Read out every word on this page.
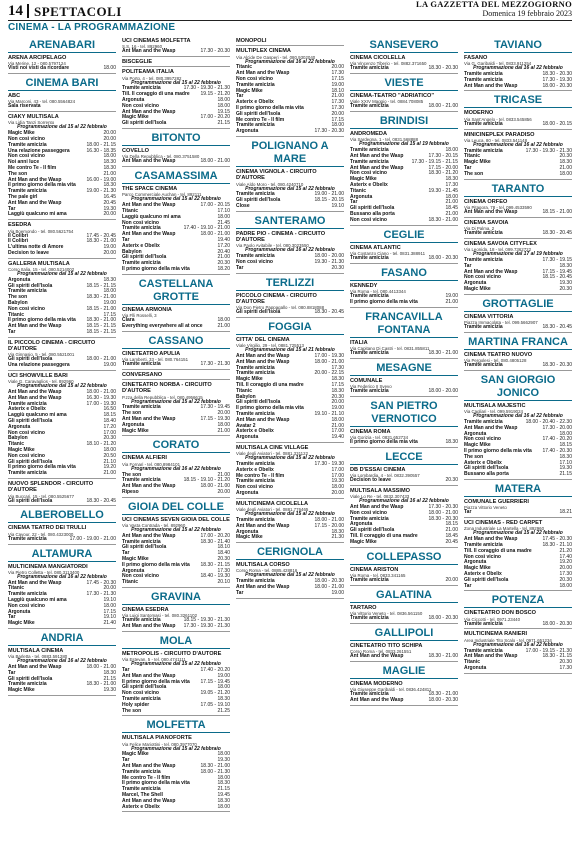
14 SPETTACOLI	LA GAZZETTA DEL MEZZOGIORNO
Domenica 19 febbraio 2023
CINEMA - LA PROGRAMMAZIONE
ARENABARI
ARENA ARCIPELAGO
Via Merine, 12 - 080.5797124
Visti noi visti da ricordare	18.00
CINEMA BARI
ABC
Via Marconi, 43 - tel. 080.5564824
Sala riservata
CIAKY MULTISALA
Via Lidia Tanzi Sorrento
Programmazione dal 15 al 22 febbraio
Magic Mike	20.00
Non così vicino	20.00
Tramite amicizia	18.00 - 21.15
Una relazione passeggera	16.30 - 18.35
Non così vicino	18.00
Noi anni luce	18.30
Me contro Te - Il film	18.30
The son	21.00
Ant Man and the Wasp	16.00 - 19.00
Il primo giorno della mia vita	18.30
Tramite amicizia	19.00 - 21.30
The pale girl	16.45
Ant Man and the Wasp	20.45
Tar	19.30
Laggiù qualcuno mi ama	20.00
ESEDRA
Via Boemondo - tel. 080.5621754
Il Colibrì	17.45 - 20.45
Il Colibrì	18.30 - 21.00
L'ultima notte di Amore	19.00
Decision to leave	20.00
GALLERIA MULTISALA
Corso Italia, 15 - tel. 080.5214002
Programmazione dal 15 al 22 febbraio
Argonuta	18.30
Gli spiriti dell'Isola	18.15 - 21.15
Tramite amicizia	18.00
The son	18.30 - 21.00
Babylon	19.00
Non così vicino	18.15 - 21.00
Titanic	17.15
Il primo giorno della mia vita 18.30 - 21.00
Ant Man and the Wasp	18.15 - 21.15
Tar	18.15 - 21.15
IL PICCOLO CINEMA - CIRCUITO D'AUTORE
Via Ginnasio, 5 - tel. 080.5521001
Gli spiriti dell'Isola	18.00 - 21.00
Una relazione passeggera	19.00
UCI SHOWVILLE BARI
Viale G. Caravaglios - tel. 892960
Programmazione dal 15 al 22 febbraio
Ant Man and the Wasp	18.00 - 21.00
Ant Man and the Wasp	16.30 - 19.30
Tramite amicizia	17.00 - 19.30
Asterix e Obelix	16.50
Laggiù qualcuno mi ama	18.15
Gli spiriti dell'Isola	18.40
Argonuta	17.20
Non così vicino	17.00
Babylon	20.30
Titanic	18.10 - 21.20
Magic Mike	18.00
Non così vicino	20.50
Gli spiriti dell'Isola	21.10
Il primo giorno della mia vita	19.20
Tramite amicizia	21.00
NUOVO SPLENDOR - CIRCUITO D'AUTORE
Via Buccari, 15 - tel. 080.5525677
Gli spiriti dell'Isola	18.30 - 20.45
ALBEROBELLO
CINEMA TEATRO DEI TRULLI
Via Cavour, 22 - tel. 080.4323000
Tramite amicizia	17.00 - 19.00 - 21.00
ALTAMURA
MULTICINEMA MANGIATORDI
Via Pietro Colletta - tel. 080.3113400
Programmazione dal 16 al 22 febbraio
Ant Man and the Wasp	17.45 - 20.30
Titanic	20.00
Tramite amicizia	17.30 - 21.30
Laggiù qualcuno mi ama	19.10
Non così vicino	18.00
Argonuta	17.15
Tar	19.10
Magic Mike	21.40
ANDRIA
MULTISALA CINEMA
Via Barletta - tel. 0883.591280
Programmazione dal 16 al 22 febbraio
Ant Man and the Wasp	18.00 - 21.00
Tar	18.30
Gli spiriti dell'Isola	21.15
Tramite amicizia	18.30 - 21.00
Magic Mike	19.30
UCI CINEMAS MOLFETTA
S.S. 16 - tel. 892960
Ant Man and the Wasp	17.30 - 20.30
BISCEGLIE
POLITEAMA ITALIA
Via Porto, 4 - tel. 080.3957282
Programmazione dal 15 al 22 febbraio
Tramite amicizia	17.30 - 19.30 - 21.30
Till. Il coraggio di una madre 19.15 - 21.20
Argonuta	18.00
Non così vicino	18.00
Ant Man and the Wasp	19.15
Magic Mike	17.00 - 20.20
Gli spiriti dell'Isola	21.15
BITONTO
COVELLO
Via Della Repubblica - tel. 080.3751580
Ant Man and the Wasp	18.00 - 21.00
CASAMASSIMA
THE SPACE CINEMA
Parco Commerciale Auchan - tel. 892111
Programmazione dal 15 al 22 febbraio
Ant Man and the Wasp	17.00 - 20.15
Titanic	17.10
Laggiù qualcuno mi ama	18.00
Non così vicino	21.45
Tramite amicizia	17.40 - 19.10 - 21.00
Ant Man and the Wasp	18.00 - 21.00
Tar	19.40
Asterix e Obelix	17.20
Babylon	20.40
Gli spiriti dell'Isola	21.00
Tramite amicizia	20.30
Il primo giorno della mia vita	18.20
CASTELLANA GROTTE
CINEMA ARMONIA
Via Flli Rosselli, 3
Clara	18.00
Everything everywhere all at once	21.00
CASSANO
CINETEATRO APULIA
Via Lamberti, 33 - tel. 080.764151
Tramite amicizia	17.30 - 21.30
CONVERSANO
CINETEATRO NORBA - CIRCUITO D'AUTORE
P.zza della Repubblica - tel. 080.4956615
Programmazione dal 15 al 22 febbraio
Tramite amicizia	17.30 - 19.45
The son	20.00
Ant Man and the Wasp	17.15 - 19.30
Argonuta	18.00
Magic Mike	21.00
CORATO
CINEMA ALFIERI
Via Fornari - tel. 080.8984101
Programmazione dal 16 al 22 febbraio
The son	21.00
Tramite amicizia	18.15 - 19.10 - 21.20
Ant Man and the Wasp	18.00 - 21.00
Ripeso	20.00
GIOIA DEL COLLE
UCI CINEMAS SEVEN GIOIA DEL COLLE
Via Vasta Contrada - tel. 892960
Programmazione dal 15 al 22 febbraio
Ant Man and the Wasp	17.00 - 20.20
Tramite amicizia	18.30 - 21.40
Gli spiriti dell'Isola	18.10
Tar	18.40
Magic Mike	20.30
Il primo giorno della mia vita 18.30 - 21.15
Argonuta	17.30
Non così vicino	18.40 - 19.30
Titanic	20.10
GRAVINA
CINEMA ESEDRA
Via Luigi Santomasi - tel. 080.3261102
Tramite amicizia	18.15 - 19.30 - 21.30
Ant Man and the Wasp 17.30 - 19.30 - 21.30
MOLA
METROPOLIS - CIRCUITO D'AUTORE
Via Estevan, 5 - tel. 080.4741111
Programmazione dal 15 al 22 febbraio
Tar	17.40 - 20.20
Ant Man and the Wasp	19.00
Il primo giorno della mia vita 17.15 - 19.45
Gli spiriti dell'Isola	18.00
Non così vicino	19.05 - 21.20
Tramite amicizia	18.30
Holy spider	17.05 - 19.10
The son	21.25
MOLFETTA
MULTISALA PIANOFORTE
Via Felice Mariottini - tel. 080.3977070
Programmazione dal 15 al 22 febbraio
Magic Mike	18.00
Tar	19.30
Ant Man and the Wasp	18.30 - 21.00
Tramite amicizia	18.00 - 21.30
Me contro Te - Il film	18.00
Il primo giorno della mia vita	18.30
Tramite amicizia	21.15
Marcel, The Shell	19.45
Ant Man and the Wasp	18.30
Asterix e Obelix	18.00
MONOPOLI
MULTIPLEX CINEMA
Via Alcide De Gasperi - tel. 080.9302040
Programmazione dal 16 al 22 febbraio
Titanic	20.00
Ant Man and the Wasp	17.30
Non così vicino	17.15
Tramite amicizia	19.00
Magic Mike	18.10
Tar	21.00
Asterix e Obelix	17.30
Il primo giorno della mia vita	17.30
Gli spiriti dell'Isola	20.00
Me contro Te - Il film	17.15
Tramite amicizia	18.00
Argonuta	17.30 - 20.30
POLIGNANO A MARE
CINEMA VIGNOLA - CIRCUITO D'AUTORE
Viale Aldo Moro - tel. 080.4240710
Programmazione dal 15 al 22 febbraio
Tramite amicizia	19.00 - 21.00
Gli spiriti dell'Isola	18.15 - 20.15
Close	19.10
SANTERAMO
PADRE PIO - CINEMA - CIRCUITO D'AUTORE
Via Paolo Avitabile - tel. 080.3023550
Programmazione dal 16 al 22 febbraio
Tramite amicizia	18.00 - 20.00
Non così vicino	19.30 - 21.30
Tar	20.30
TERLIZZI
PICCOLO CINEMA - CIRCUITO D'AUTORE
Via Don Pietro Pappagallo - tel. 080.8818088
Gli spiriti dell'Isola	18.30 - 20.45
FOGGIA
CITTA' DEL CINEMA
Viale Virgilio, 29 - tel. 0881.725513
Programmazione dal 15 al 21 febbraio
Ant Man and the Wasp	17.00 - 19.30
Ant Man and the Wasp	18.00 - 21.00
Tramite amicizia	17.30
Tramite amicizia	20.00 - 22.15
Magic Mike	18.30
Till. Il coraggio di una madre	17.15
Titanic	18.30
Babylon	20.30
Gli spiriti dell'Isola	20.00
Il primo giorno della mia vita	19.00
Tramite amicizia	19.10 - 21.10
Ant Man and the Wasp	18.00
Avatar 2	21.00
Asterix e Obelix	17.00
Argonuta	19.40
MULTISALA CINE VILLAGE
Viale degli Aviatori - tel. 0881.331122
Programmazione dal 15 al 22 febbraio
Tramite amicizia	17.30 - 19.30
Asterix e Obelix	17.00
Me contro Te - Il film	17.00
Tramite amicizia	19.30
Non così vicino	18.00
Argonuta	20.00
MULTICINEMA CICOLELLA
Viale degli Aviatori - tel. 0881.776465
Programmazione dal 15 al 22 febbraio
Tramite amicizia	18.00 - 21.00
Ant Man and the Wasp	17.15 - 20.00
Argonuta	18.30
Magic Mike	21.30
CERIGNOLA
MULTISALA CORSO
Corso Roma - tel. 0885.428816
Programmazione dal 15 al 22 febbraio
Tramite amicizia	18.00 - 20.30
Ant Man and the Wasp	18.00 - 21.00
Tar	19.00
SANSEVERO
CINEMA CICOLELLA
Via Vincenzo Tiberio - tel. 0882.371650
Tramite amicizia	18.30 - 20.30
VIESTE
CINEMA-TEATRO "ADRIATICO"
Viale XXIV Maggio - tel. 0884.708085
Tramite amicizia	18.00 - 21.00
BRINDISI
ANDROMEDA
Via Sardegna, 1 - tel. 0831.568888
Programmazione dal 15 al 19 febbraio
Tramite amicizia	18.00
Ant Man and the Wasp	17.30 - 20.15
Tramite amicizia	17.30 - 19.15 - 21.15
Ant Man and the Wasp	17.15 - 20.00
Non così vicino	18.30 - 21.20
Magic Mike	18.30
Asterix e Obelix	17.30
Titanic	19.30 - 21.45
Argonuta	18.00
Tar	21.00
Gli spiriti dell'Isola	18.45
Bussano alla porta	21.00
Non così vicino	18.30 - 21.00
CEGLIE
CINEMA ATLANTIC
Via Costanzo Ciano - tel. 0831.388911
Tramite amicizia	18.00 - 20.30
FASANO
KENNEDY
Via Roma - tel. 080.4413344
Tramite amicizia	19.00
Il primo giorno della mia vita	21.00
FRANCAVILLA FONTANA
ITALIA
Via Capitano Di Castri - tel. 0831.855811
Tramite amicizia	18.30 - 21.00
MESAGNE
COMUNALE
Via Federico II Svevo
Tramite amicizia	18.00 - 20.00
SAN PIETRO VERNOTICO
CINEMA ROMA
Via Gorizia - tel. 0831.652734
Il primo giorno della mia vita	18.30
LECCE
DB D'ESSAI CINEMA
Via Lombardia, 4 - tel. 0832.390557
Decision to leave	20.30
MULTISALA MASSIMO
Viale Lo Re - tel. 0832.307433
Programmazione dal 16 al 22 febbraio
Ant Man and the Wasp	17.30 - 20.30
Non così vicino	18.00 - 21.00
Tramite amicizia	18.30 - 20.30
Argonuta	18.15
Gli spiriti dell'Isola	21.00
Till. Il coraggio di una madre	18.45
Magic Mike	20.45
COLLEPASSO
CINEMA ARISTON
Via Roma - tel. 0833.341165
Tramite amicizia	20.00
GALATINA
TARTARO
Via Vittorio Veneto - tel. 0836.561150
Tramite amicizia	18.00 - 20.30
GALLIPOLI
CINETEATRO TITO SCHIPA
Corso Roma - tel. 0833.261551
Ant Man and the Wasp	18.30 - 21.00
MAGLIE
CINEMA MODERNO
Via Giuseppe Garibaldi - tel. 0836.424811
Tramite amicizia	18.30 - 21.00
Ant Man and the Wasp	18.00 - 20.30
TAVIANO
FASANO
Via G. Garibaldi - tel. 0833.911254
Programmazione dal 16 al 22 febbraio
Tramite amicizia	18.30 - 20.30
Tramite amicizia	17.30 - 19.30
Ant Man and the Wasp	18.00 - 20.30
TRICASE
MODERNO
Via Sant'Angelo - tel. 0833.545856
Tramite amicizia	18.00 - 20.15
MINICINEPLEX PARADISO
Via Leuca, 80 - tel. 0833.541148
Programmazione dal 16 al 22 febbraio
Tramite amicizia	17.30 - 19.30 - 21.30
Titanic	20.30
Magic Mike	18.30
Tar	21.00
The son	18.00
TARANTO
CINEMA ORFEO
Via Pitagora, 78 - tel. 099.4533590
Ant Man and the Wasp	18.15 - 21.00
CINEMA SAVOIA
Via Di Palma, 2
Tramite amicizia	18.30 - 20.45
CINEMA SAVOIA CITYFLEX
Via Leonida, 18 - tel. 099.7362722
Programmazione dal 17 al 19 febbraio
Tramite amicizia	17.30 - 19.15
Tar	18.30
Ant Man and the Wasp	17.15 - 19.45
Non così vicino	18.15 - 20.45
Argonuta	19.30
Magic Mike	20.30
GROTTAGLIE
CINEMA VITTORIA
Piazza Immacolata - tel. 099.5662907
Tramite amicizia	18.30 - 20.45
MARTINA FRANCA
CINEMA TEATRO NUOVO
Via Pergolesi - tel. 080.4805128
Tramite amicizia	18.30 - 20.30
SAN GIORGIO JONICO
MULTISALA MAJESTIC
Via Cagliari - tel. 099.5919024
Programmazione dal 16 al 22 febbraio
Tramite amicizia	18.00 - 20.40 - 22.30
Ant Man and the Wasp	17.30 - 20.00
Argonuta	18.00
Non così vicino	17.40 - 20.20
Magic Mike	18.15
Il primo giorno della mia vita 17.40 - 20.30
The son	18.30
Asterix e Obelix	17.10
Gli spiriti dell'Isola	19.30
Bussano alla porta	21.15
MATERA
COMUNALE GUERRIERI
Piazza Vittorio Veneto
Tar	18.21
UCI CINEMAS - RED CARPET
Zona Industriale La Martella - tel. 892960
Programmazione dal 15 al 22 febbraio
Ant Man and the Wasp	17.45 - 20.30
Tramite amicizia	18.30 - 21.10
Till. Il coraggio di una madre	21.20
Non così vicino	17.40
Argonuta	19.20
Magic Mike	20.00
Asterix e Obelix	17.30
Gli spiriti dell'Isola	20.30
Tar	18.00
POTENZA
CINETEATRO DON BOSCO
Via Ciccotti - tel. 0971.23440
Tramite amicizia	18.00 - 20.30
MULTICINEMA RANIERI
Area Industriale Tito Scalo - tel. 0971.651234
Programmazione dal 16 al 22 febbraio
Tramite amicizia	17.00 - 19.15 - 21.30
Ant Man and the Wasp	18.30 - 21.15
Titanic	20.30
Argonuta	17.30
